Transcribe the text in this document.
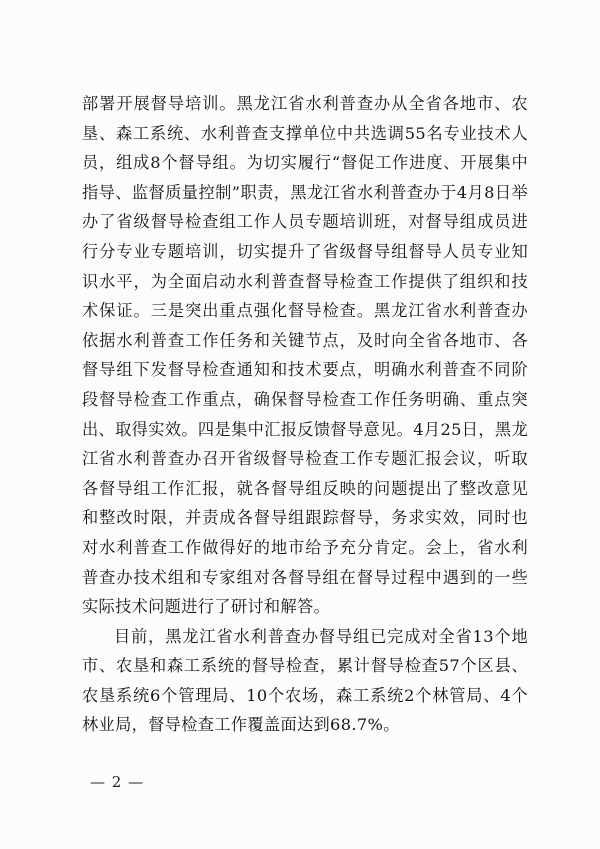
部署开展督导培训。黑龙江省水利普查办从全省各地市、农垦、森工系统、水利普查支撑单位中共选调55名专业技术人员，组成8个督导组。为切实履行“督促工作进度、开展集中指导、监督质量控制”职责，黑龙江省水利普查办于4月8日举办了省级督导检查组工作人员专题培训班，对督导组成员进行分专业专题培训，切实提升了省级督导组督导人员专业知识水平，为全面启动水利普查督导检查工作提供了组织和技术保证。三是突出重点强化督导检查。黑龙江省水利普查办依据水利普查工作任务和关键节点，及时向全省各地市、各督导组下发督导检查通知和技术要点，明确水利普查不同阶段督导检查工作重点，确保督导检查工作任务明确、重点突出、取得实效。四是集中汇报反馈督导意见。4月25日，黑龙江省水利普查办召开省级督导检查工作专题汇报会议，听取各督导组工作汇报，就各督导组反映的问题提出了整改意见和整改时限，并责成各督导组跟踪督导，务求实效，同时也对水利普查工作做得好的地市给予充分肯定。会上，省水利普查办技术组和专家组对各督导组在督导过程中遇到的一些实际技术问题进行了研讨和解答。

目前，黑龙江省水利普查办督导组已完成对全省13个地市、农垦和森工系统的督导检查，累计督导检查57个区县、农垦系统6个管理局、10个农场，森工系统2个林管局、4个林业局，督导检查工作覆盖面达到68.7%。

— 2 —
